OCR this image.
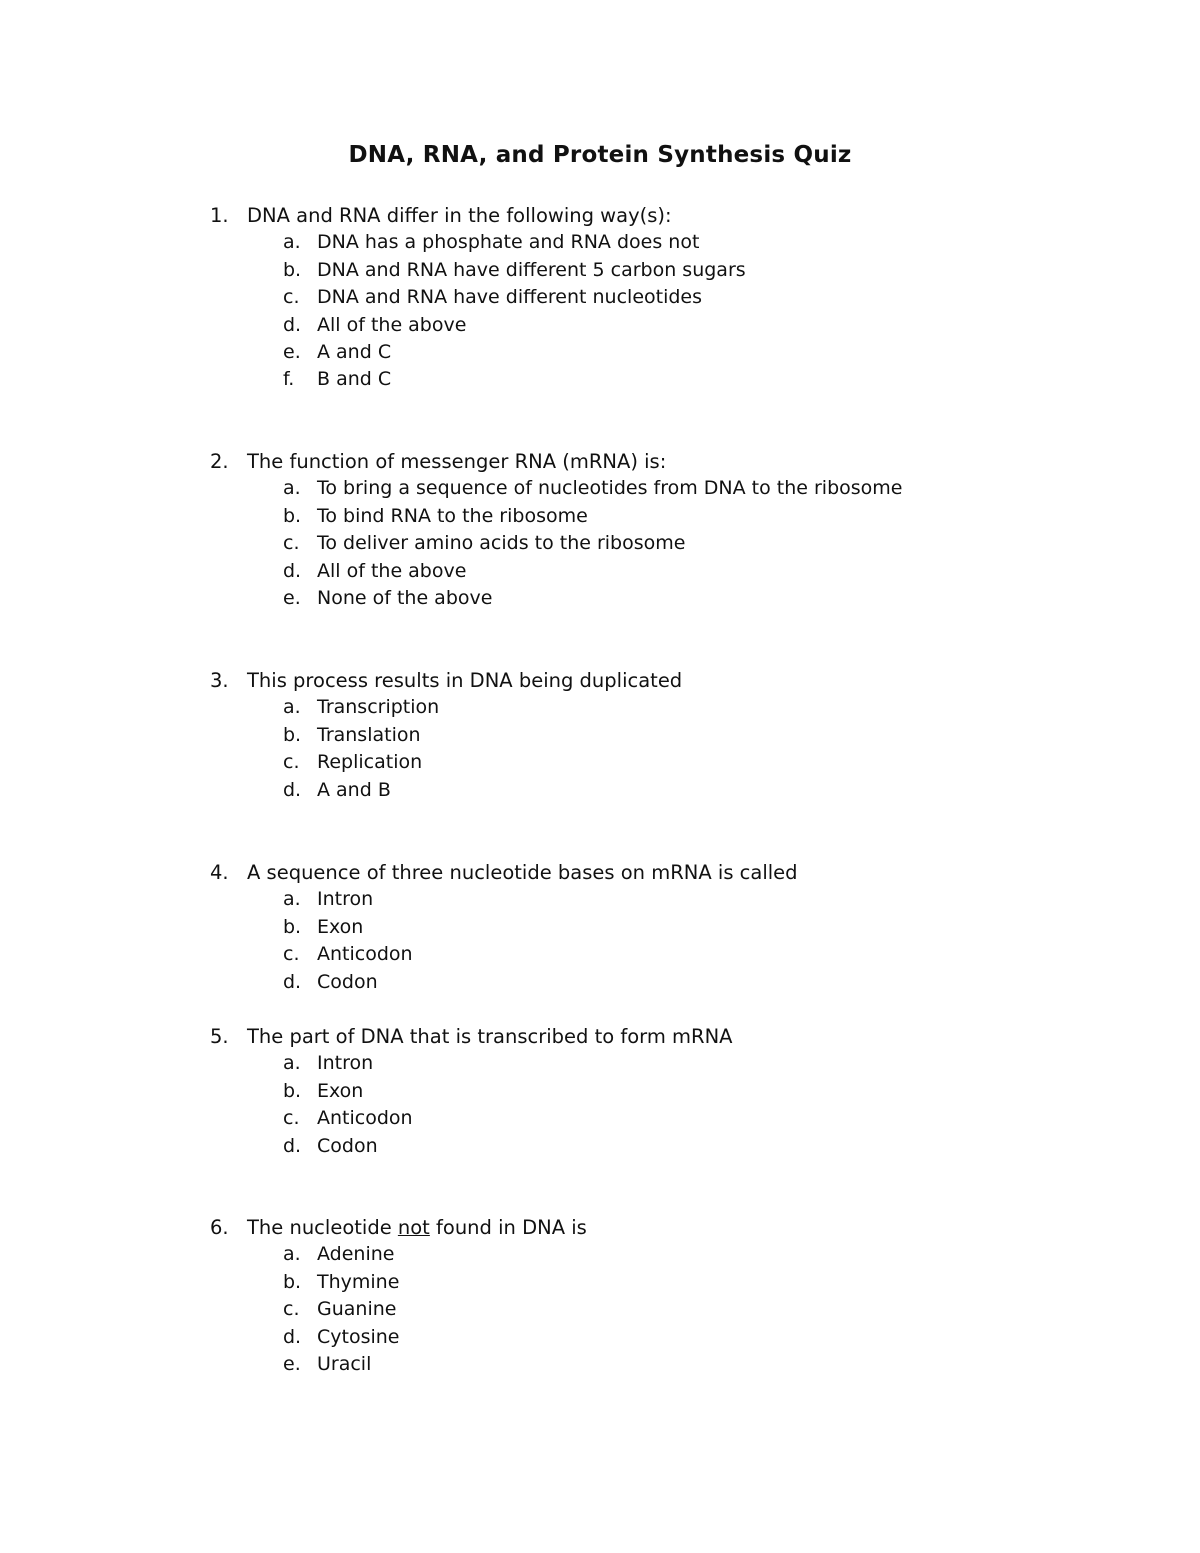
DNA, RNA, and Protein Synthesis Quiz
1. DNA and RNA differ in the following way(s):
a. DNA has a phosphate and RNA does not
b. DNA and RNA have different 5 carbon sugars
c. DNA and RNA have different nucleotides
d. All of the above
e. A and C
f. B and C
2. The function of messenger RNA (mRNA) is:
a. To bring a sequence of nucleotides from DNA to the ribosome
b. To bind RNA to the ribosome
c. To deliver amino acids to the ribosome
d. All of the above
e. None of the above
3. This process results in DNA being duplicated
a. Transcription
b. Translation
c. Replication
d. A and B
4. A sequence of three nucleotide bases on mRNA is called
a. Intron
b. Exon
c. Anticodon
d. Codon
5. The part of DNA that is transcribed to form mRNA
a. Intron
b. Exon
c. Anticodon
d. Codon
6. The nucleotide not found in DNA is
a. Adenine
b. Thymine
c. Guanine
d. Cytosine
e. Uracil
